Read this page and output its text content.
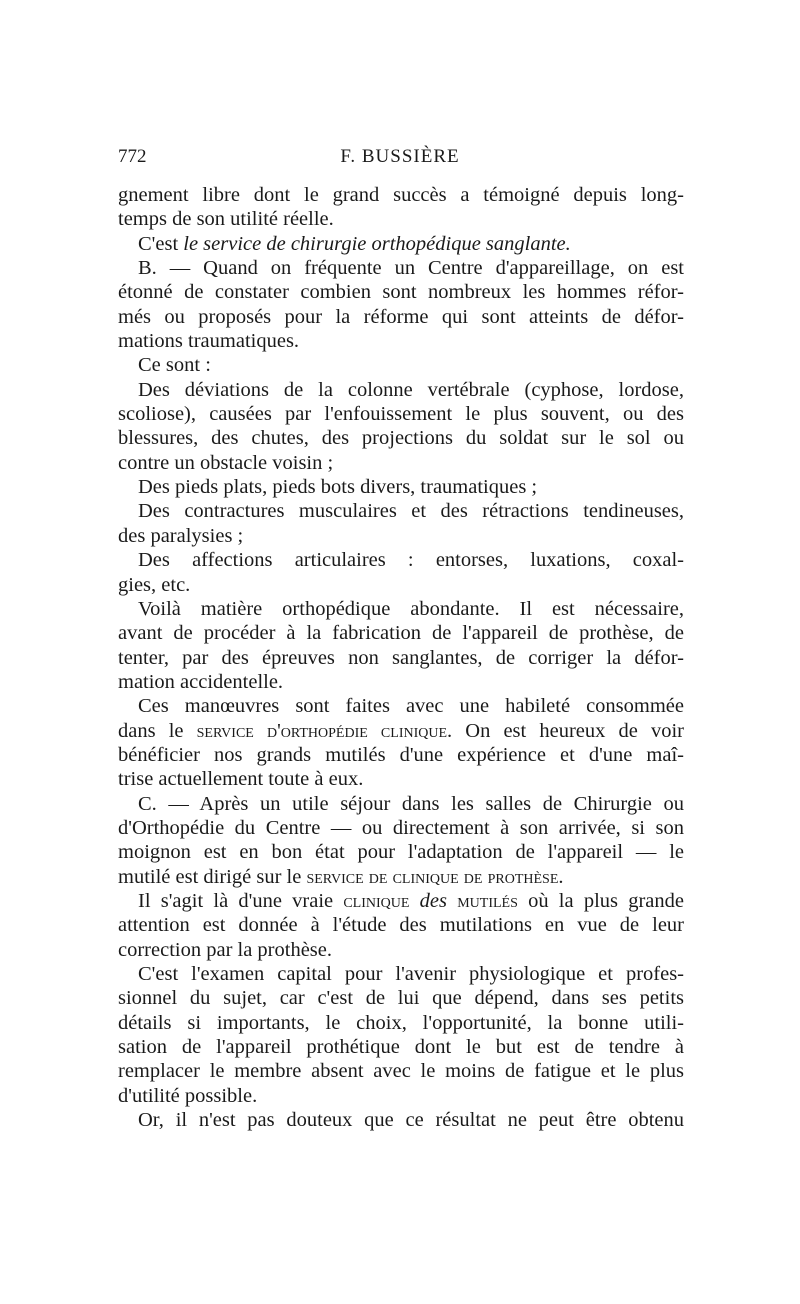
772	F. BUSSIÈRE
gnement libre dont le grand succès a témoigné depuis long-
temps de son utilité réelle.
C'est le service de chirurgie orthopédique sanglante.
B. — Quand on fréquente un Centre d'appareillage, on est
étonné de constater combien sont nombreux les hommes réfor-
més ou proposés pour la réforme qui sont atteints de défor-
mations traumatiques.
Ce sont :
Des déviations de la colonne vertébrale (cyphose, lordose,
scoliose), causées par l'enfouissement le plus souvent, ou des
blessures, des chutes, des projections du soldat sur le sol ou
contre un obstacle voisin ;
Des pieds plats, pieds bots divers, traumatiques ;
Des contractures musculaires et des rétractions tendineuses,
des paralysies ;
Des affections articulaires : entorses, luxations, coxal-
gies, etc.
Voilà matière orthopédique abondante. Il est nécessaire,
avant de procéder à la fabrication de l'appareil de prothèse, de
tenter, par des épreuves non sanglantes, de corriger la défor-
mation accidentelle.
Ces manœuvres sont faites avec une habileté consommée
dans le service d'orthopédie clinique. On est heureux de voir
bénéficier nos grands mutilés d'une expérience et d'une maî-
trise actuellement toute à eux.
C. — Après un utile séjour dans les salles de Chirurgie ou
d'Orthopédie du Centre — ou directement à son arrivée, si son
moignon est en bon état pour l'adaptation de l'appareil — le
mutilé est dirigé sur le service de clinique de prothèse.
Il s'agit là d'une vraie clinique des mutilés où la plus grande
attention est donnée à l'étude des mutilations en vue de leur
correction par la prothèse.
C'est l'examen capital pour l'avenir physiologique et profes-
sionnel du sujet, car c'est de lui que dépend, dans ses petits
détails si importants, le choix, l'opportunité, la bonne utili-
sation de l'appareil prothétique dont le but est de tendre à
remplacer le membre absent avec le moins de fatigue et le plus
d'utilité possible.
Or, il n'est pas douteux que ce résultat ne peut être obtenu
